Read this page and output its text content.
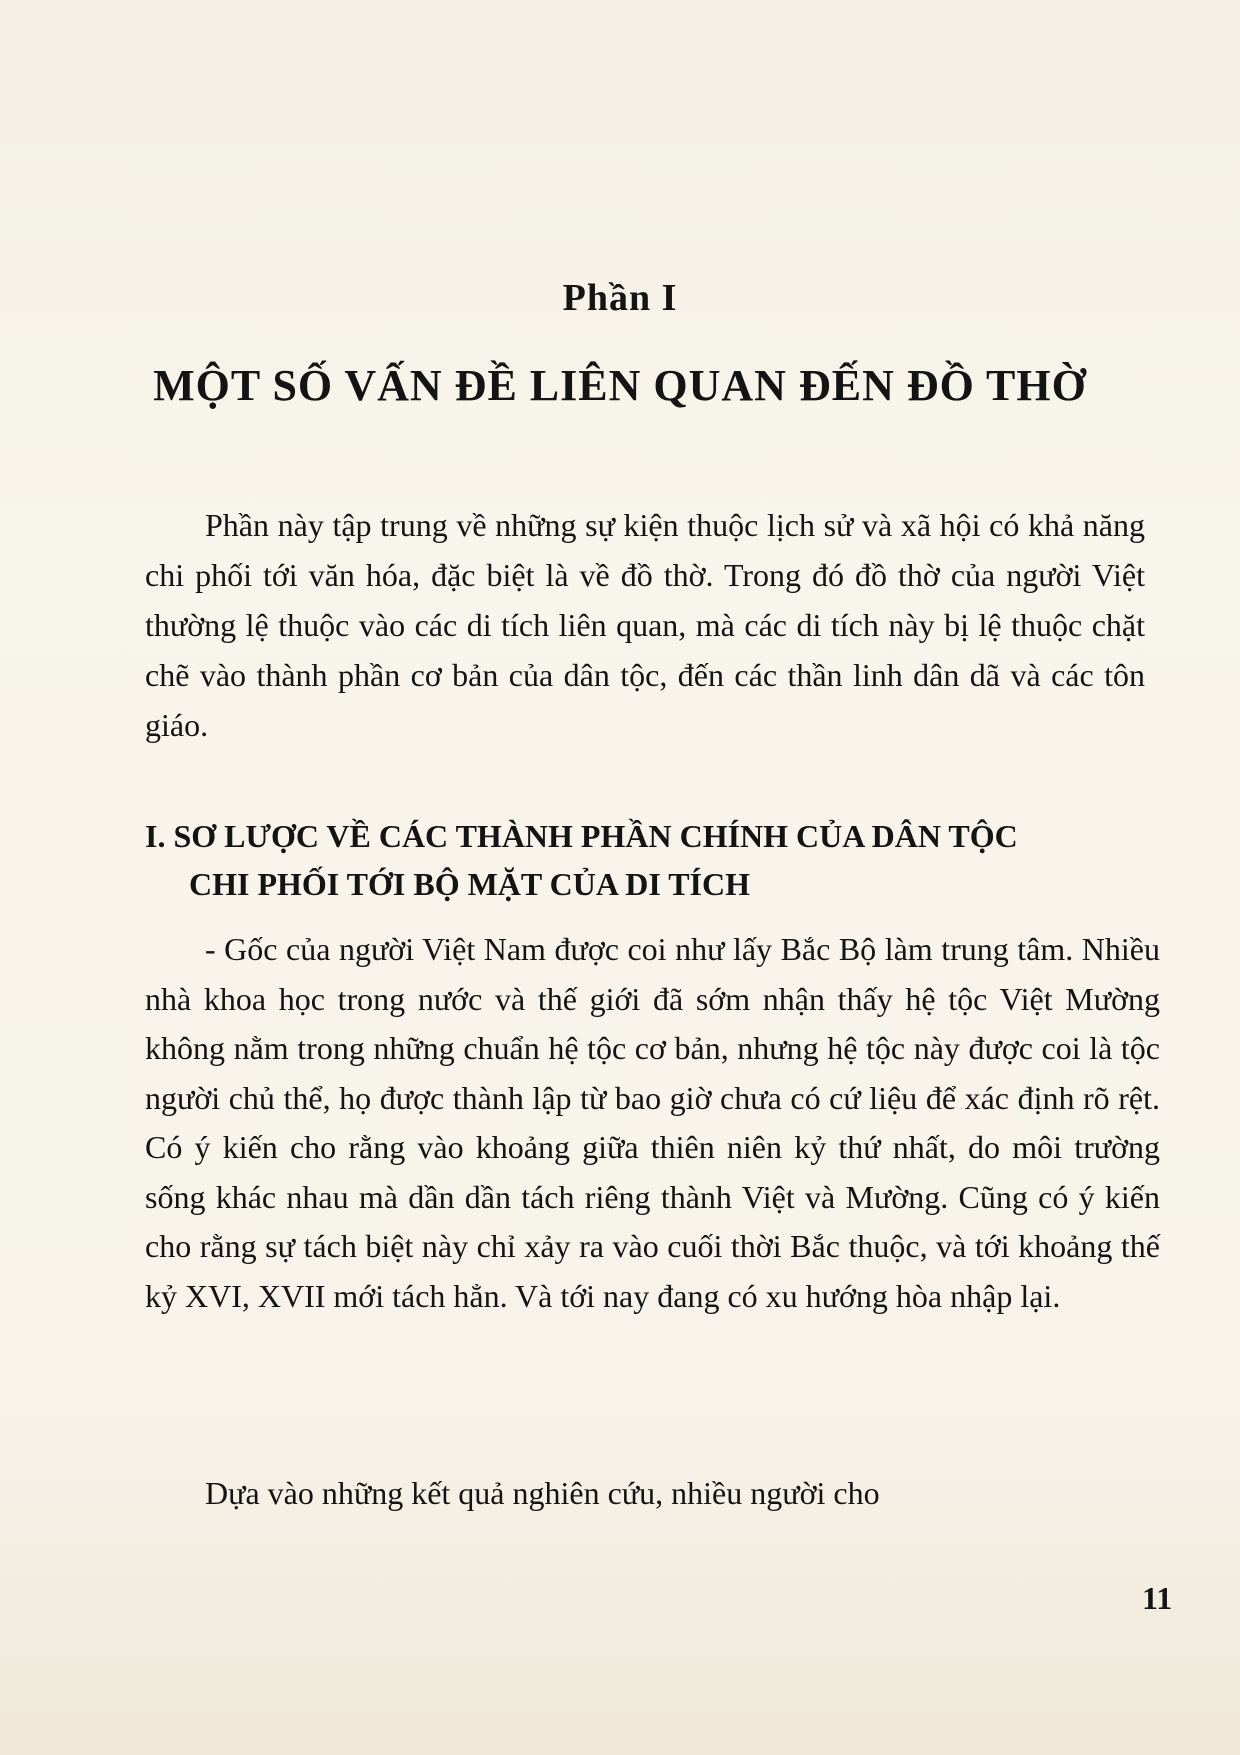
Phần I
MỘT SỐ VẤN ĐỀ LIÊN QUAN ĐẾN ĐỒ THỜ

Phần này tập trung về những sự kiện thuộc lịch sử và xã hội có khả năng chi phối tới văn hóa, đặc biệt là về đồ thờ. Trong đó đồ thờ của người Việt thường lệ thuộc vào các di tích liên quan, mà các di tích này bị lệ thuộc chặt chẽ vào thành phần cơ bản của dân tộc, đến các thần linh dân dã và các tôn giáo.

I. SƠ LƯỢC VỀ CÁC THÀNH PHẦN CHÍNH CỦA DÂN TỘC
CHI PHỐI TỚI BỘ MẶT CỦA DI TÍCH

- Gốc của người Việt Nam được coi như lấy Bắc Bộ làm trung tâm. Nhiều nhà khoa học trong nước và thế giới đã sớm nhận thấy hệ tộc Việt Mường không nằm trong những chuẩn hệ tộc cơ bản, nhưng hệ tộc này được coi là tộc người chủ thể, họ được thành lập từ bao giờ chưa có cứ liệu để xác định rõ rệt. Có ý kiến cho rằng vào khoảng giữa thiên niên kỷ thứ nhất, do môi trường sống khác nhau mà dần dần tách riêng thành Việt và Mường. Cũng có ý kiến cho rằng sự tách biệt này chỉ xảy ra vào cuối thời Bắc thuộc, và tới khoảng thế kỷ XVI, XVII mới tách hẳn. Và tới nay đang có xu hướng hòa nhập lại.

Dựa vào những kết quả nghiên cứu, nhiều người cho

11
